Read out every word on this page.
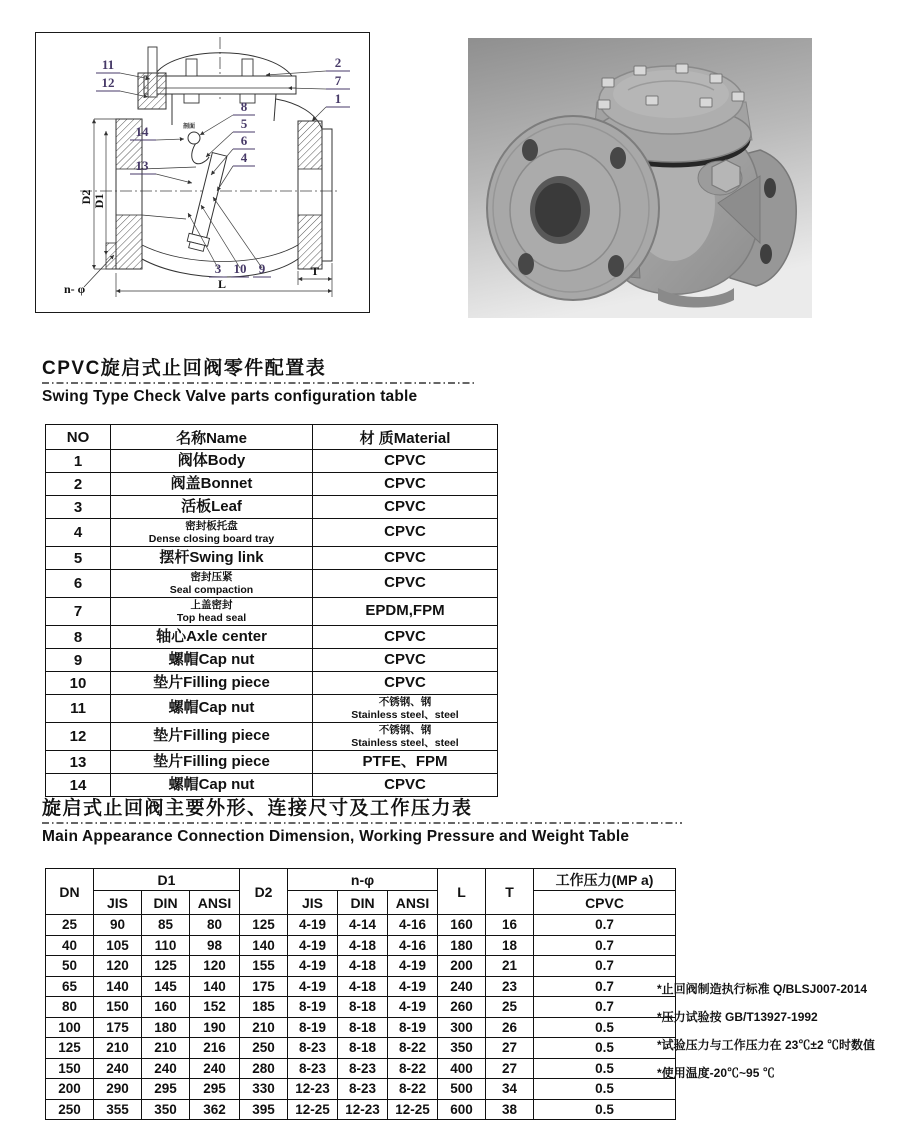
剖面
11
12
2
7
1
8
5
6
4
14
13
3 10 9
D2 D1
L
T
n- φ
CPVC旋启式止回阀零件配置表
Swing Type Check Valve parts configuration table
NO	名称Name	材 质Material
1	阀体Body	CPVC

2	阀盖Bonnet	CPVC

3	活板Leaf	CPVC

4	密封板托盘
Dense closing board tray	CPVC

5	摆杆Swing link	CPVC

6	密封压紧
Seal compaction	CPVC

7	上盖密封
Top head seal	EPDM,FPM

8	轴心Axle center	CPVC

9	螺帽Cap nut	CPVC

10	垫片Filling piece	CPVC

11	螺帽Cap nut	不锈钢、钢
Stainless steel、steel

12	垫片Filling piece	不锈钢、钢
Stainless steel、steel

13	垫片Filling piece	PTFE、FPM

14	螺帽Cap nut	CPVC
旋启式止回阀主要外形、连接尺寸及工作压力表
Main Appearance Connection Dimension, Working Pressure and Weight Table
DN	D1			D2	n-φ			L	T	工作压力(MP a)
	JIS	DIN	ANSI		JIS	DIN	ANSI			CPVC
25	90	85	80	125	4-19	4-14	4-16	160	16	0.7
40	105	110	98	140	4-19	4-18	4-16	180	18	0.7
50	120	125	120	155	4-19	4-18	4-19	200	21	0.7
65	140	145	140	175	4-19	4-18	4-19	240	23	0.7
80	150	160	152	185	8-19	8-18	4-19	260	25	0.7
100	175	180	190	210	8-19	8-18	8-19	300	26	0.5
125	210	210	216	250	8-23	8-18	8-22	350	27	0.5
150	240	240	240	280	8-23	8-23	8-22	400	27	0.5
200	290	295	295	330	12-23	8-23	8-22	500	34	0.5
250	355	350	362	395	12-25	12-23	12-25	600	38	0.5
*止回阀制造执行标准 Q/BLSJ007-2014
*压力试验按 GB/T13927-1992
*试验压力与工作压力在 23℃±2 ℃时数值
*使用温度-20℃~95 ℃
